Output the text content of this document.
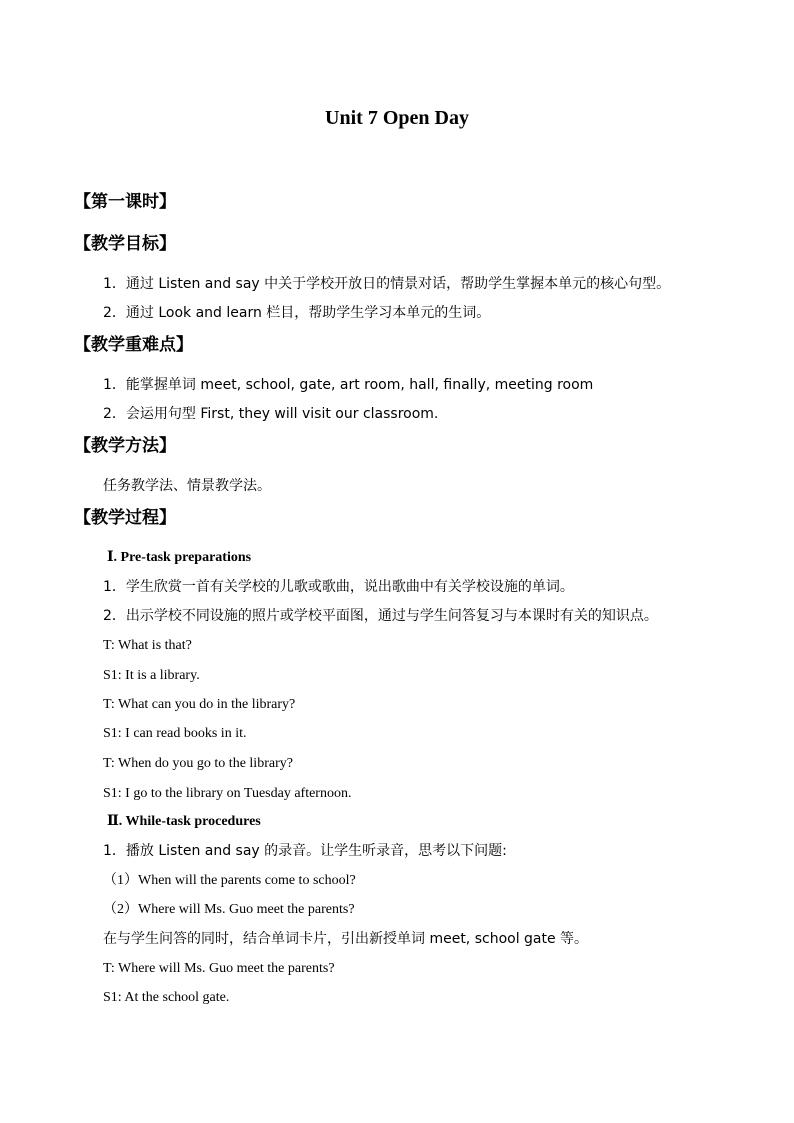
Unit 7 Open Day
【第一课时】
【教学目标】
1．通过 Listen and say 中关于学校开放日的情景对话，帮助学生掌握本单元的核心句型。
2．通过 Look and learn 栏目，帮助学生学习本单元的生词。
【教学重难点】
1．能掌握单词 meet, school, gate, art room, hall, finally, meeting room
2．会运用句型 First, they will visit our classroom.
【教学方法】
任务教学法、情景教学法。
【教学过程】
Ⅰ. Pre-task preparations
1．学生欣赏一首有关学校的儿歌或歌曲，说出歌曲中有关学校设施的单词。
2．出示学校不同设施的照片或学校平面图，通过与学生问答复习与本课时有关的知识点。
T: What is that?
S1: It is a library.
T: What can you do in the library?
S1: I can read books in it.
T: When do you go to the library?
S1: I go to the library on Tuesday afternoon.
Ⅱ. While-task procedures
1．播放 Listen and say 的录音。让学生听录音，思考以下问题:
（1）When will the parents come to school?
（2）Where will Ms. Guo meet the parents?
在与学生问答的同时，结合单词卡片，引出新授单词 meet, school gate 等。
T: Where will Ms. Guo meet the parents?
S1: At the school gate.
